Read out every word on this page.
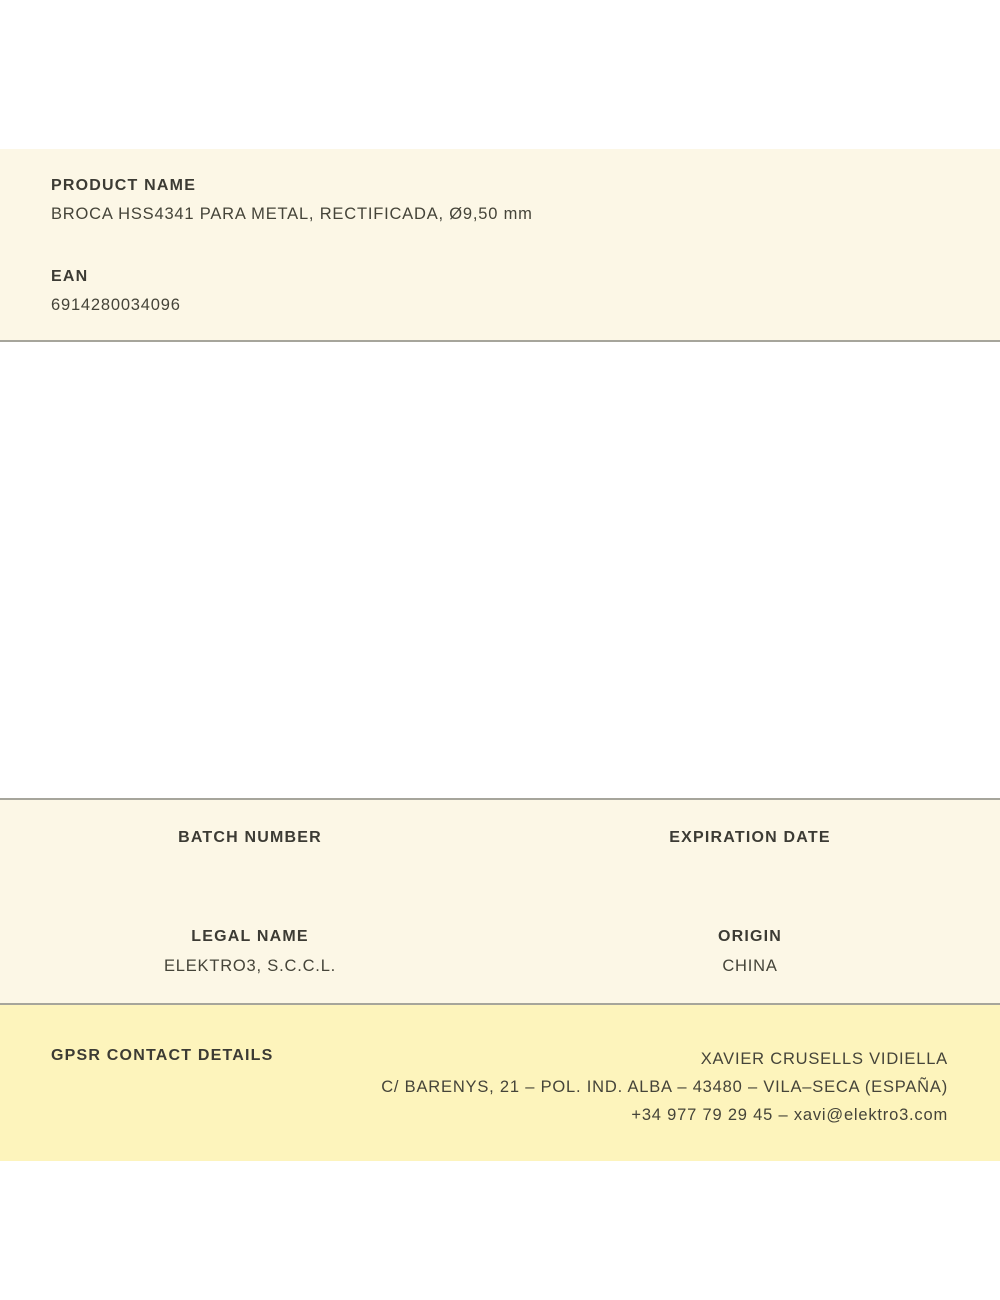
PRODUCT NAME
BROCA HSS4341 PARA METAL, RECTIFICADA, Ø9,50 mm
EAN
6914280034096
BATCH NUMBER	EXPIRATION DATE
LEGAL NAME
ELEKTRO3, S.C.C.L.
ORIGIN
CHINA
GPSR CONTACT DETAILS	XAVIER CRUSELLS VIDIELLA
C/ BARENYS, 21 – POL. IND. ALBA – 43480 – VILA–SECA (ESPAÑA)
+34 977 79 29 45 – xavi@elektro3.com
